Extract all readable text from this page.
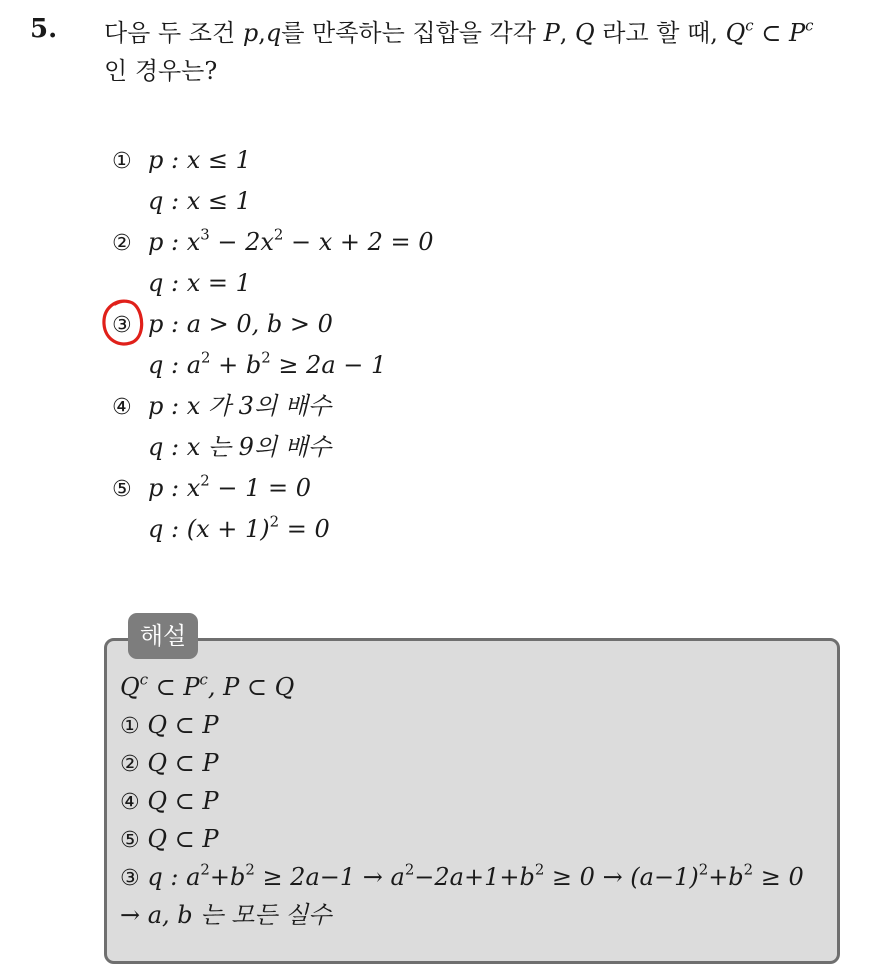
5. 다음 두 조건 p,q를 만족하는 집합을 각각 P, Q 라고 할 때, $Q^c$ ⊂ $P^c$
인 경우는?
① p : x ≤ 1
q : x ≤ 1
② p : $x^3 - 2x^2 - x + 2 = 0$
q : x = 1
③ p : a > 0, b > 0
q : $a^2 + b^2 \ge 2a - 1$
④ p : x 가 3의 배수
q : x 는 9의 배수
⑤ p : $x^2 - 1 = 0$
q : $(x + 1)^2 = 0$
해설
$Q^c$ ⊂ $P^c$, P ⊂ Q
① Q ⊂ P
② Q ⊂ P
④ Q ⊂ P
⑤ Q ⊂ P
③ q : $a^2+b^2 \ge 2a-1 \to a^2-2a+1+b^2 \ge 0 \to (a-1)^2+b^2 \ge 0$
→ a, b 는 모든 실수
